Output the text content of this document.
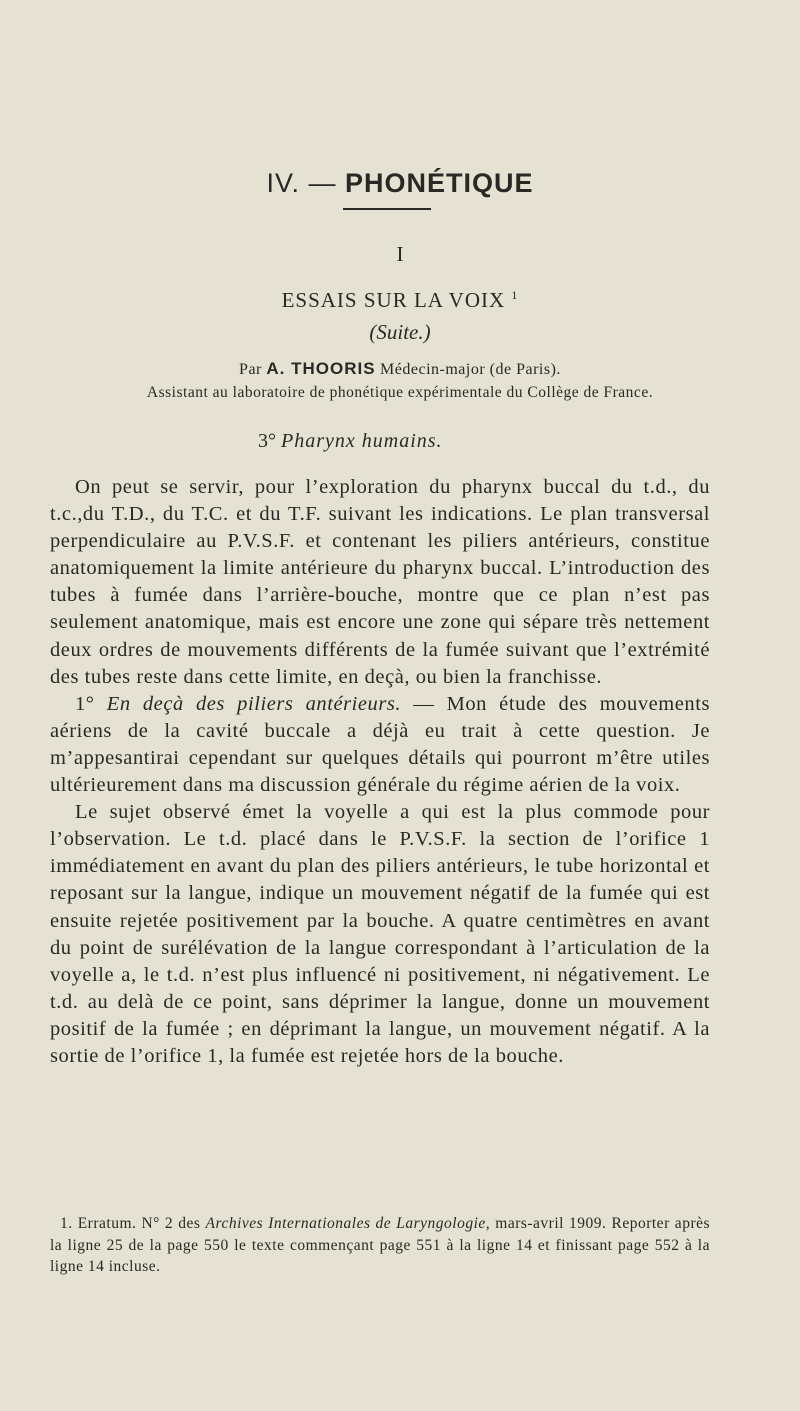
IV. — PHONÉTIQUE
I
ESSAIS SUR LA VOIX $^1$
(Suite.)
Par A. THOORIS Médecin-major (de Paris).
Assistant au laboratoire de phonétique expérimentale du Collège de France.
3° Pharynx humains.

On peut se servir, pour l’exploration du pharynx buccal du t.d., du t.c.,du T.D., du T.C. et du T.F. suivant les indications. Le plan transversal perpendiculaire au P.V.S.F. et contenant les piliers antérieurs, constitue anatomiquement la limite antérieure du pharynx buccal. L’introduction des tubes à fumée dans l’arrière-bouche, montre que ce plan n’est pas seulement anatomique, mais est encore une zone qui sépare très nettement deux ordres de mouvements différents de la fumée suivant que l’extrémité des tubes reste dans cette limite, en deçà, ou bien la franchisse.

1° En deçà des piliers antérieurs. — Mon étude des mouvements aériens de la cavité buccale a déjà eu trait à cette question. Je m’appesantirai cependant sur quelques détails qui pourront m’être utiles ultérieurement dans ma discussion générale du régime aérien de la voix.

Le sujet observé émet la voyelle a qui est la plus commode pour l’observation. Le t.d. placé dans le P.V.S.F. la section de l’orifice 1 immédiatement en avant du plan des piliers antérieurs, le tube horizontal et reposant sur la langue, indique un mouvement négatif de la fumée qui est ensuite rejetée positivement par la bouche. A quatre centimètres en avant du point de surélévation de la langue correspondant à l’articulation de la voyelle a, le t.d. n’est plus influencé ni positivement, ni négativement. Le t.d. au delà de ce point, sans déprimer la langue, donne un mouvement positif de la fumée ; en déprimant la langue, un mouvement négatif. A la sortie de l’orifice 1, la fumée est rejetée hors de la bouche.

1. Erratum. N° 2 des Archives Internationales de Laryngologie, mars-avril 1909. Reporter après la ligne 25 de la page 550 le texte commençant page 551 à la ligne 14 et finissant page 552 à la ligne 14 incluse.
